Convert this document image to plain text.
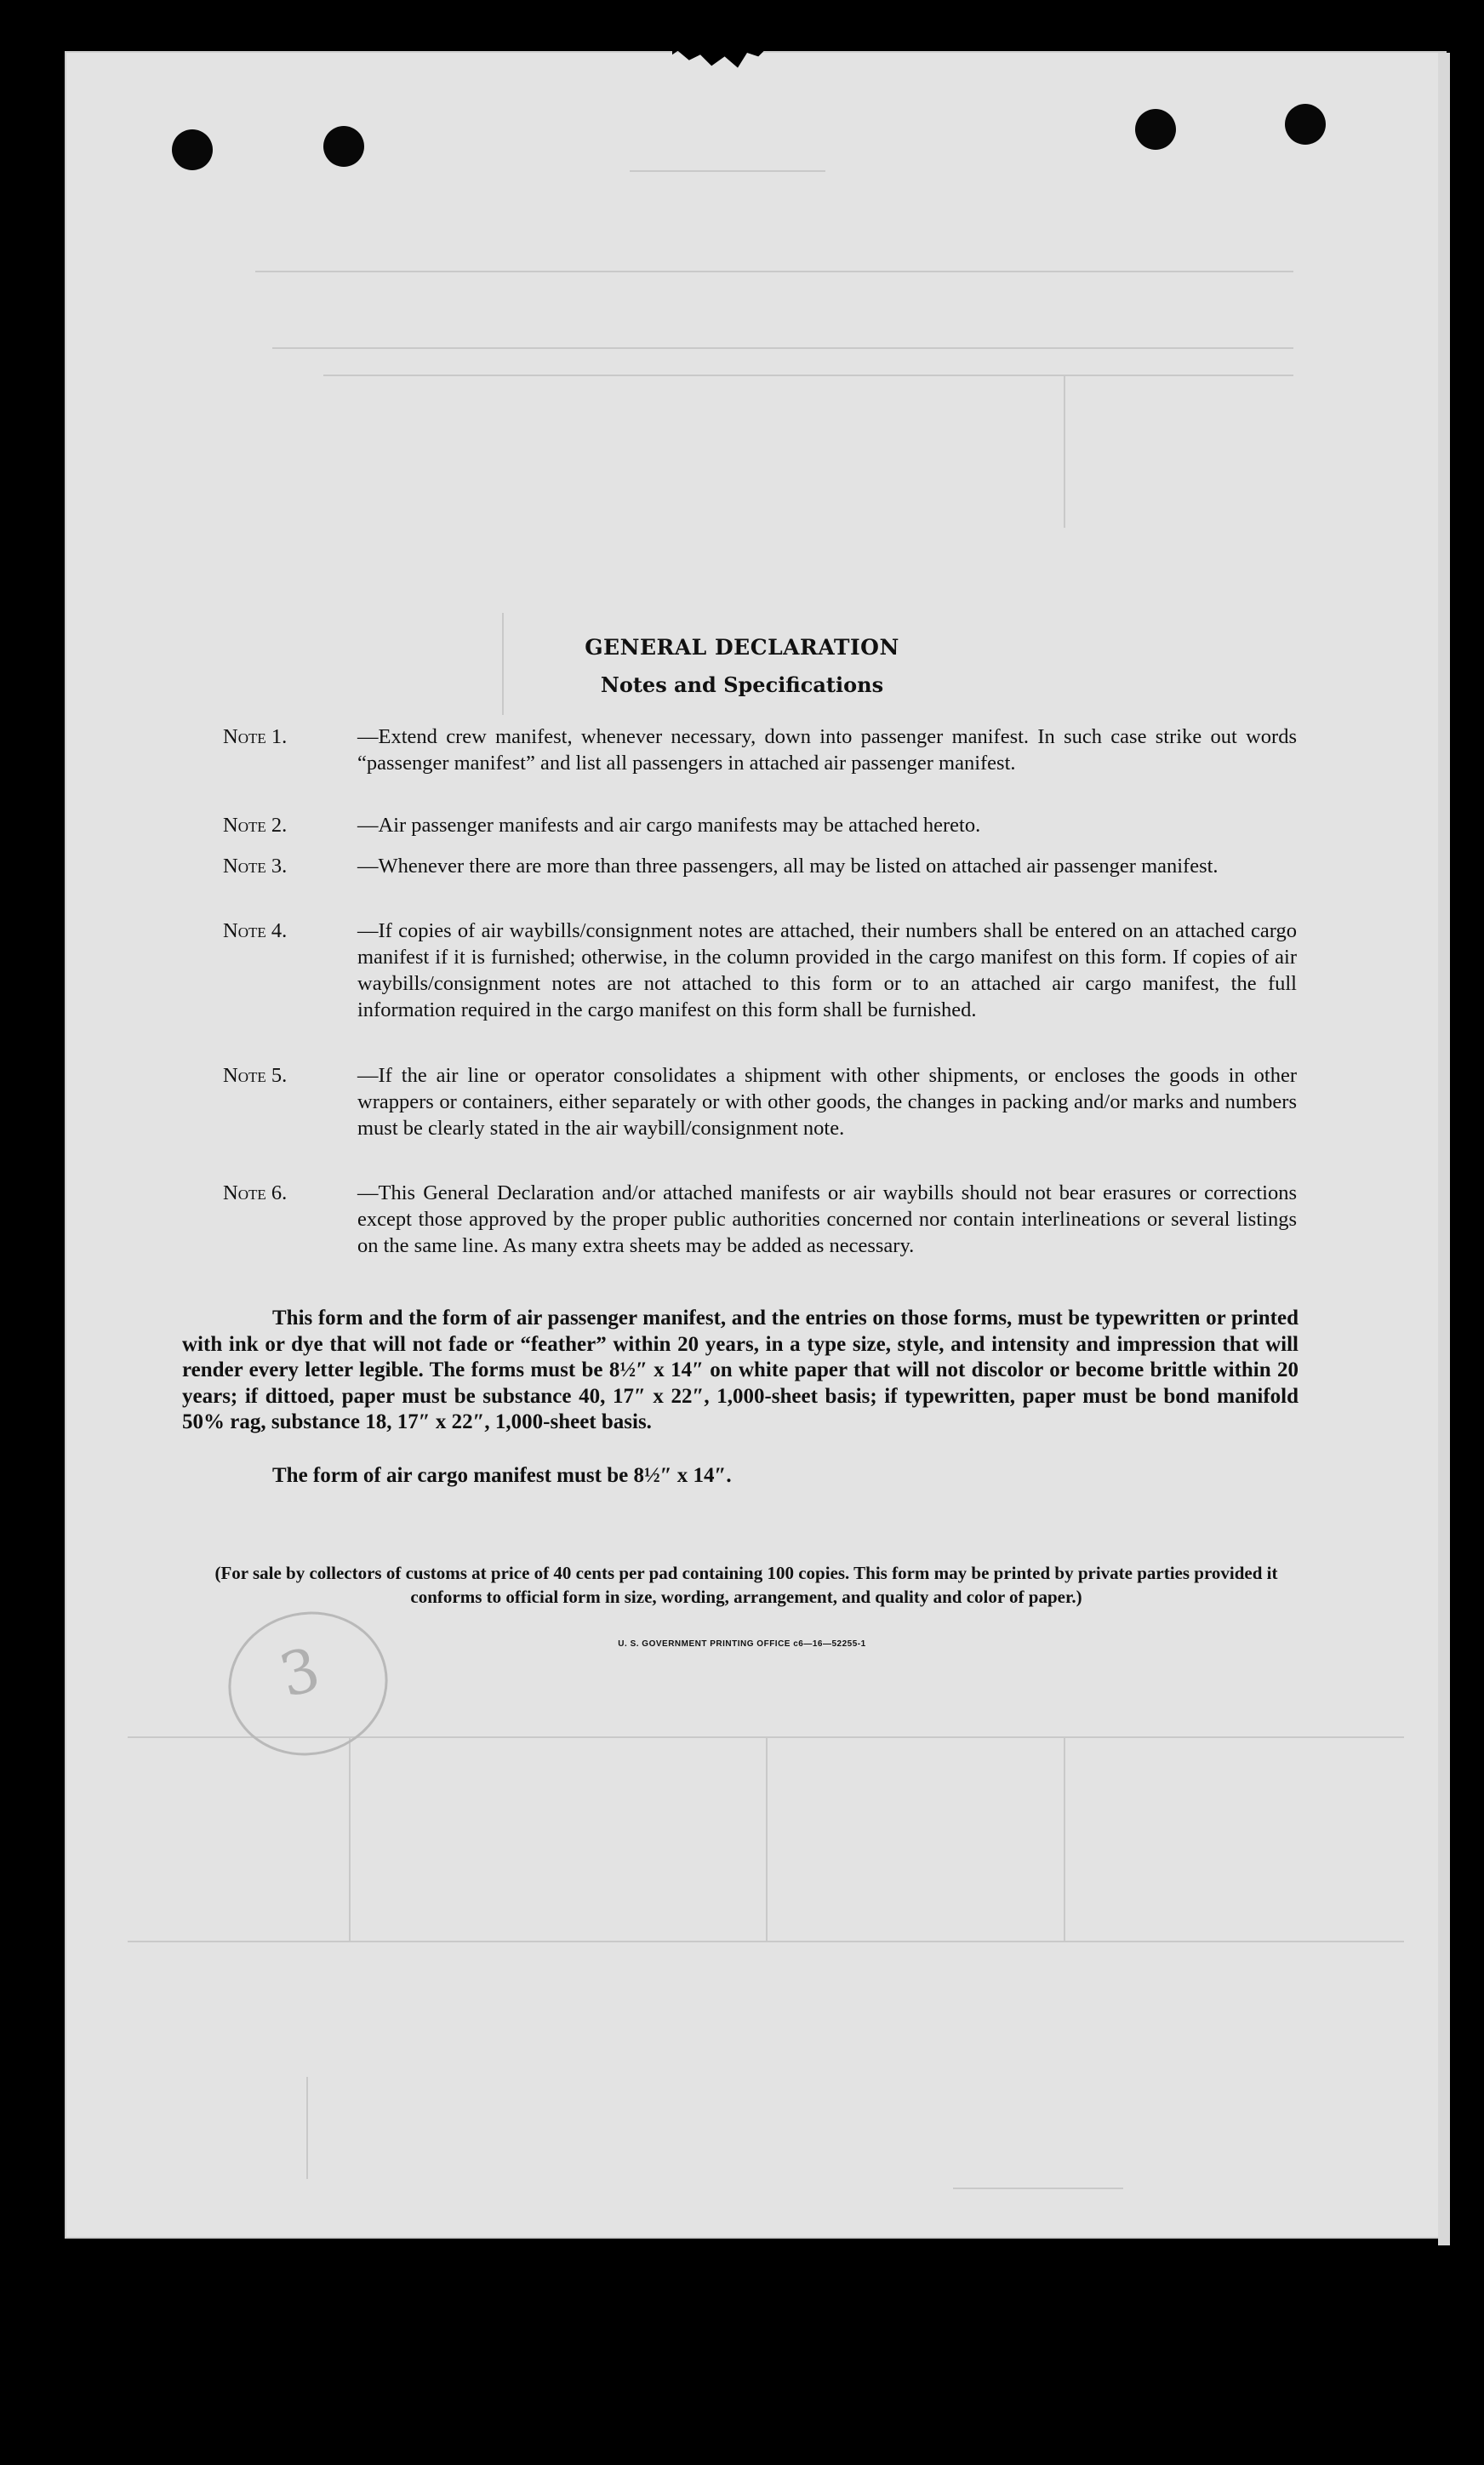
GENERAL DECLARATION
Notes and Specifications
Note 1.	—Extend crew manifest, whenever necessary, down into passenger manifest. In such case strike out words “passenger manifest” and list all passengers in attached air passenger manifest.
Note 2.	—Air passenger manifests and air cargo manifests may be attached hereto.
Note 3.	—Whenever there are more than three passengers, all may be listed on attached air passenger manifest.
Note 4.	—If copies of air waybills/consignment notes are attached, their numbers shall be entered on an attached cargo manifest if it is furnished; otherwise, in the column provided in the cargo manifest on this form. If copies of air waybills/consignment notes are not attached to this form or to an attached air cargo manifest, the full information required in the cargo manifest on this form shall be furnished.
Note 5.	—If the air line or operator consolidates a shipment with other shipments, or encloses the goods in other wrappers or containers, either separately or with other goods, the changes in packing and/or marks and numbers must be clearly stated in the air waybill/consignment note.
Note 6.	—This General Declaration and/or attached manifests or air waybills should not bear erasures or corrections except those approved by the proper public authorities concerned nor contain interlineations or several listings on the same line. As many extra sheets may be added as necessary.
This form and the form of air passenger manifest, and the entries on those forms, must be typewritten or printed with ink or dye that will not fade or “feather” within 20 years, in a type size, style, and intensity and impression that will render every letter legible. The forms must be 8½″ x 14″ on white paper that will not discolor or become brittle within 20 years; if dittoed, paper must be substance 40, 17″ x 22″, 1,000-sheet basis; if typewritten, paper must be bond manifold 50% rag, substance 18, 17″ x 22″, 1,000-sheet basis.
The form of air cargo manifest must be 8½″ x 14″.
(For sale by collectors of customs at price of 40 cents per pad containing 100 copies. This form may be printed by private parties provided it conforms to official form in size, wording, arrangement, and quality and color of paper.)
U. S. GOVERNMENT PRINTING OFFICE c6—16—52255-1
3
